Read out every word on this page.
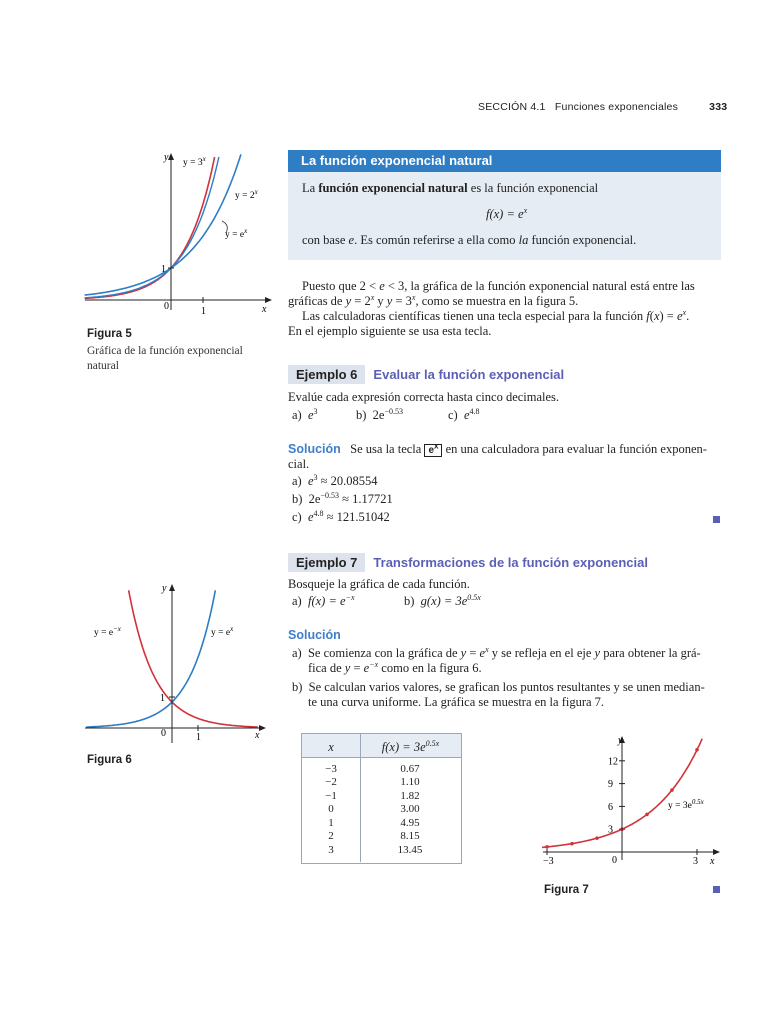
SECCIÓN 4.1 Funciones exponenciales	333
y
x
1
1
0
$y = 3^x$
$y = 2^x$
$y = e^x$
Figura 5
Gráfica de la función exponencial natural
La función exponencial natural
La función exponencial natural es la función exponencial
$f(x) = e^x$
con base e. Es común referirse a ella como la función exponencial.
Puesto que 2 < e < 3, la gráfica de la función exponencial natural está entre las
gráficas de $y = 2^x$ y $y = 3^x$, como se muestra en la figura 5.
Las calculadoras científicas tienen una tecla especial para la función $f(x) = e^x$.
En el ejemplo siguiente se usa esta tecla.
Ejemplo 6 Evaluar la función exponencial
Evalúe cada expresión correcta hasta cinco decimales.
a) $e^3$	b) $2e^{-0.53}$	c) $e^{4.8}$
Solución Se usa la tecla $e^x$ en una calculadora para evaluar la función exponen-
cial.
a) $e^3 \approx 20.08554$
b) $2e^{-0.53} \approx 1.17721$
c) $e^{4.8} \approx 121.51042$
Ejemplo 7 Transformaciones de la función exponencial
Bosqueje la gráfica de cada función.
a) $f(x) = e^{-x}$	b) $g(x) = 3e^{0.5x}$
Solución
a) Se comienza con la gráfica de $y = e^x$ y se refleja en el eje y para obtener la grá-
fica de $y = e^{-x}$ como en la figura 6.
b) Se calculan varios valores, se grafican los puntos resultantes y se unen median-
te una curva uniforme. La gráfica se muestra en la figura 7.
y
x
1
1
0
$y = e^{-x}$	$y = e^x$
Figura 6
x	$f(x) = 3e^{0.5x}$
−3	0.67
−2	1.10
−1	1.82
0	3.00
1	4.95
2	8.15
3	13.45
3
6
9
12
−3	3
y
x
0
$y = 3e^{0.5x}$
Figura 7
